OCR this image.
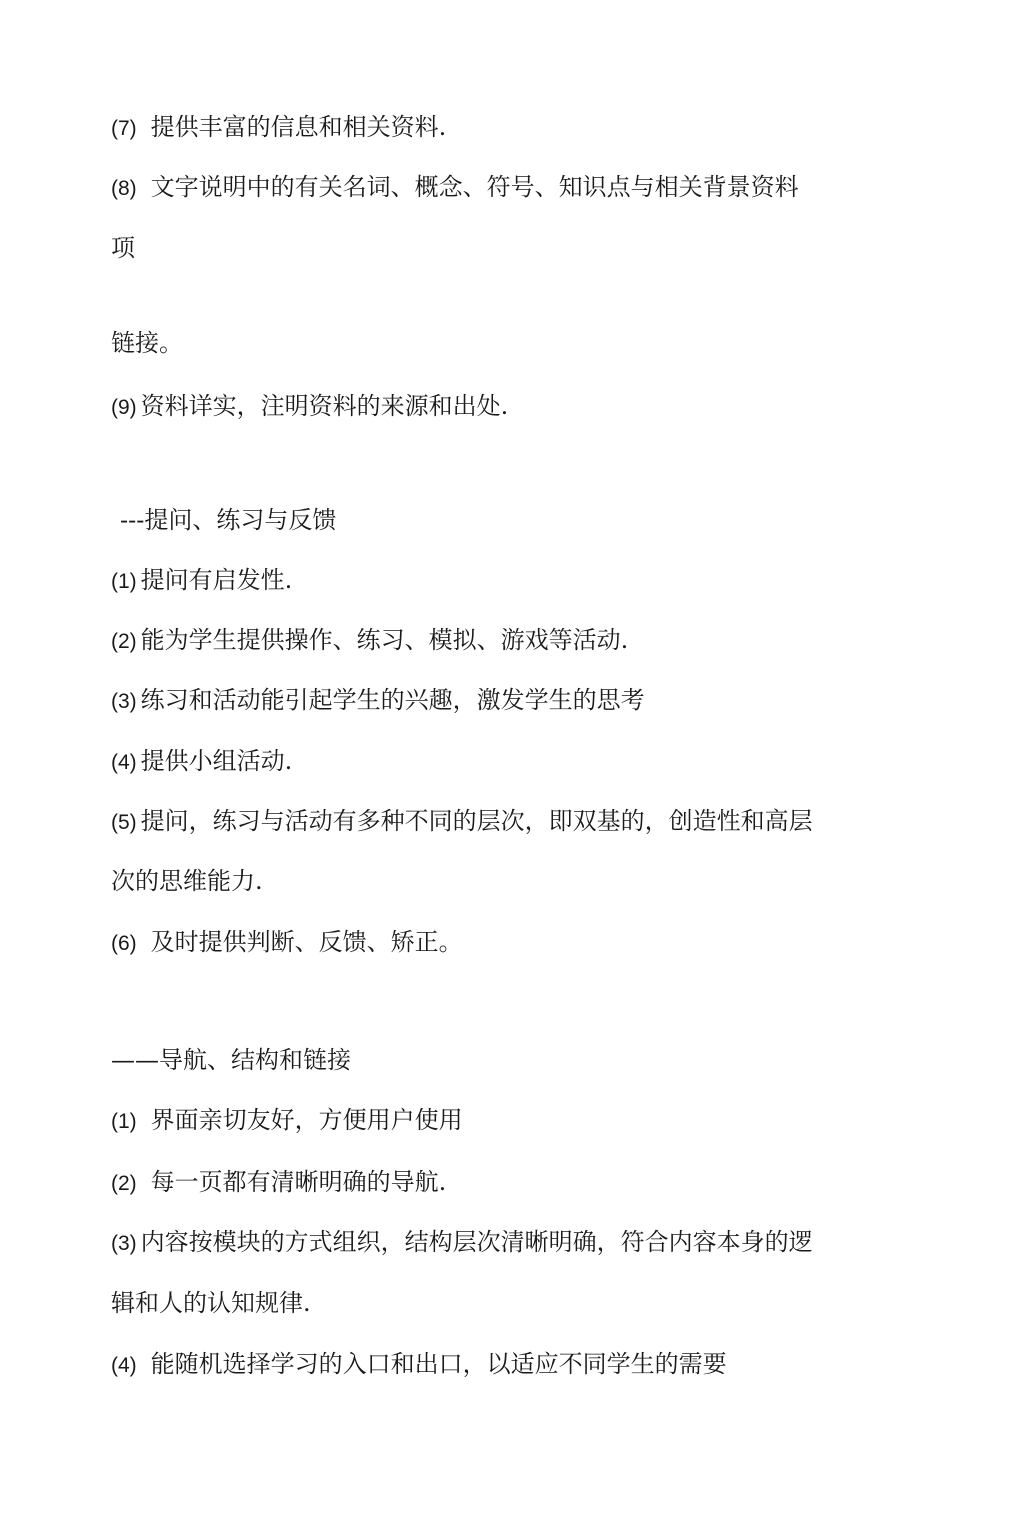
(7) 提供丰富的信息和相关资料.
(8) 文字说明中的有关名词、概念、符号、知识点与相关背景资料
项
链接。
(9) 资料详实，注明资料的来源和出处.
---提问、练习与反馈
(1) 提问有启发性.
(2) 能为学生提供操作、练习、模拟、游戏等活动.
(3) 练习和活动能引起学生的兴趣，激发学生的思考
(4) 提供小组活动.
(5) 提问，练习与活动有多种不同的层次，即双基的，创造性和高层
次的思维能力.
(6) 及时提供判断、反馈、矫正。
——导航、结构和链接
(1) 界面亲切友好，方便用户使用
(2) 每一页都有清晰明确的导航.
(3) 内容按模块的方式组织，结构层次清晰明确，符合内容本身的逻
辑和人的认知规律.
(4) 能随机选择学习的入口和出口，以适应不同学生的需要
